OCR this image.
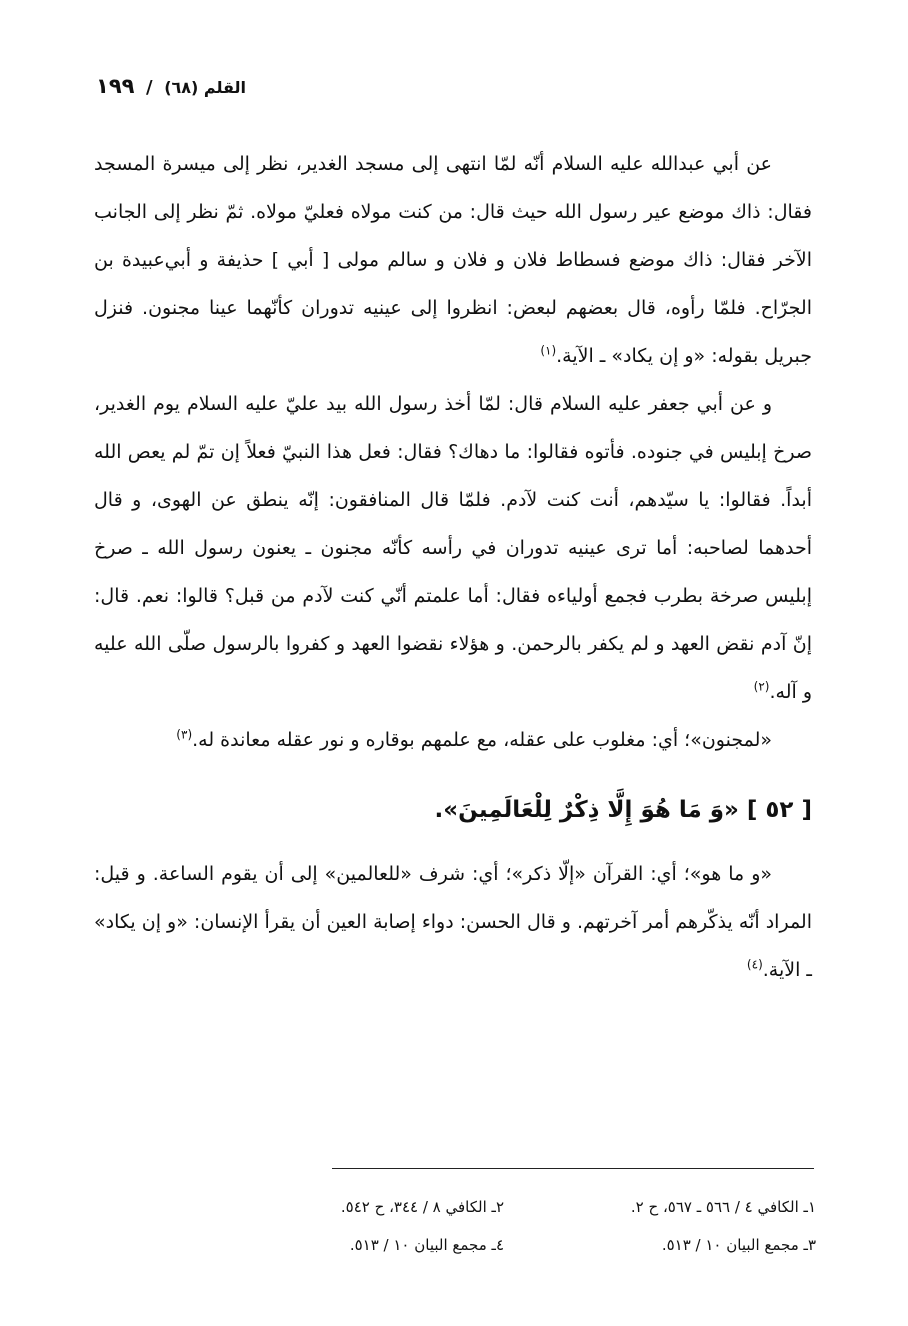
القلم (٦٨) / ١٩٩

عن أبي عبدالله عليه السلام أنّه لمّا انتهى إلى مسجد الغدير، نظر إلى ميسرة المسجد فقال: ذاك موضع عير رسول الله حيث قال: من كنت مولاه فعليّ مولاه. ثمّ نظر إلى الجانب الآخر فقال: ذاك موضع فسطاط فلان و فلان و سالم مولى [ أبي ] حذيفة و أبي‌عبيدة بن الجرّاح. فلمّا رأوه، قال بعضهم لبعض: انظروا إلى عينيه تدوران كأنّهما عينا مجنون. فنزل جبريل بقوله: «و إن يكاد» ـ الآية.$^{(١)}$

و عن أبي جعفر عليه السلام قال: لمّا أخذ رسول الله بيد عليّ عليه السلام يوم الغدير، صرخ إبليس في جنوده. فأتوه فقالوا: ما دهاك؟ فقال: فعل هذا النبيّ فعلاً إن تمّ لم يعص الله أبداً. فقالوا: يا سيّدهم، أنت كنت لآدم. فلمّا قال المنافقون: إنّه ينطق عن الهوى، و قال أحدهما لصاحبه: أما ترى عينيه تدوران في رأسه كأنّه مجنون ـ يعنون رسول الله ـ صرخ إبليس صرخة بطرب فجمع أولياءه فقال: أما علمتم أنّي كنت لآدم من قبل؟ قالوا: نعم. قال: إنّ آدم نقض العهد و لم يكفر بالرحمن. و هؤلاء نقضوا العهد و كفروا بالرسول صلّى الله عليه و آله.$^{(٢)}$

«لمجنون»؛ أي: مغلوب على عقله، مع علمهم بوقاره و نور عقله معاندة له.$^{(٣)}$

[ ٥٢ ] «وَ مَا هُوَ إِلَّا ذِكْرٌ لِلْعَالَمِينَ».

«و ما هو»؛ أي: القرآن «إلّا ذكر»؛ أي: شرف «للعالمين» إلى أن يقوم الساعة. و قيل: المراد أنّه يذكّرهم أمر آخرتهم. و قال الحسن: دواء إصابة العين أن يقرأ الإنسان: «و إن يكاد» ـ الآية.$^{(٤)}$

١ـ الكافي ٤ / ٥٦٦ ـ ٥٦٧، ح ٢.
٢ـ الكافي ٨ / ٣٤٤، ح ٥٤٢.
٣ـ مجمع البيان ١٠ / ٥١٣.
٤ـ مجمع البيان ١٠ / ٥١٣.
